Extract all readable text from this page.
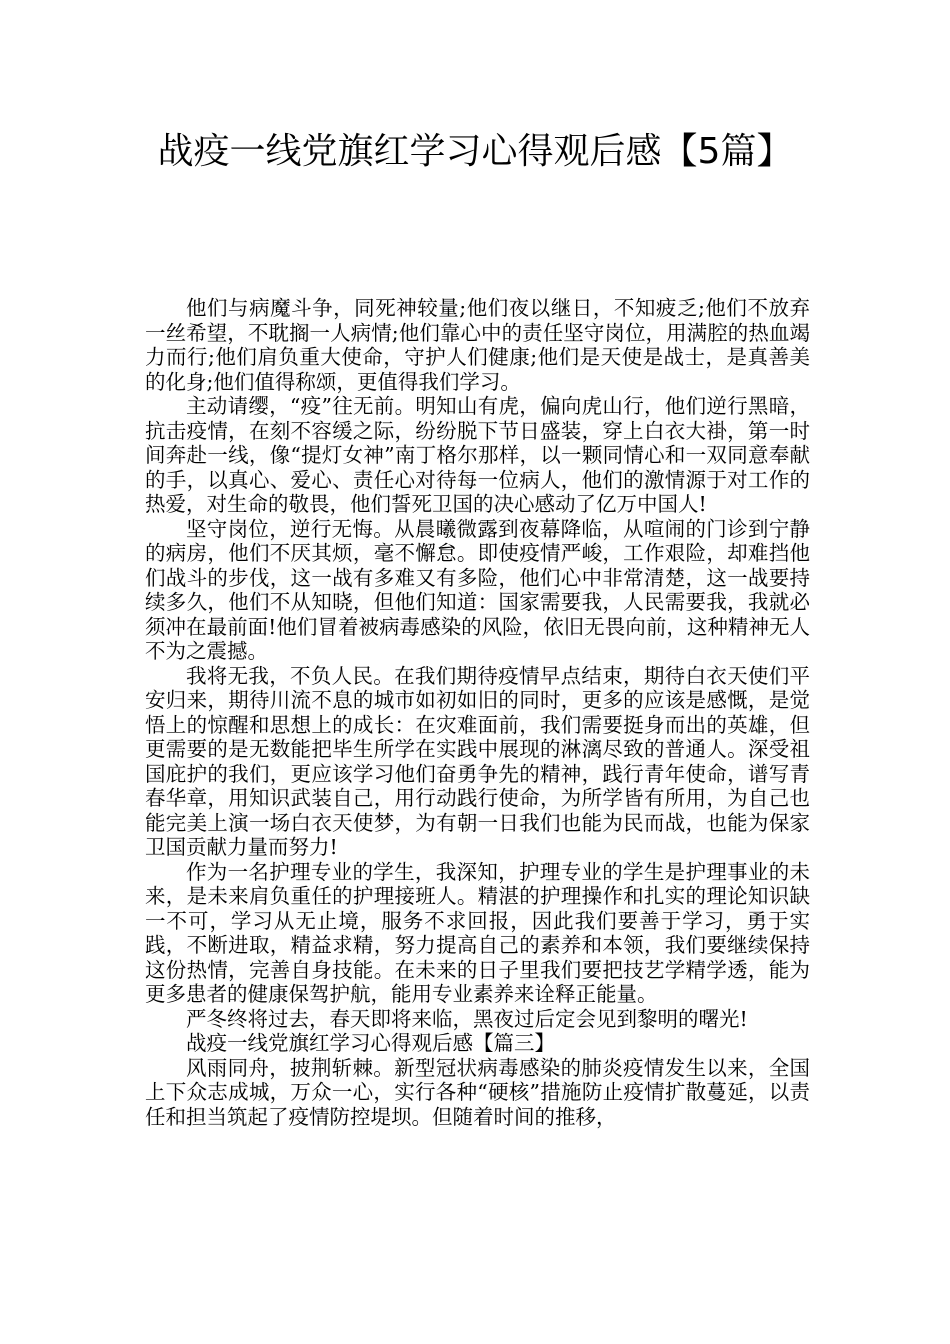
战疫一线党旗红学习心得观后感【5篇】

他们与病魔斗争，同死神较量;他们夜以继日，不知疲乏;他们不放弃一丝希望，不耽搁一人病情;他们靠心中的责任坚守岗位，用满腔的热血竭力而行;他们肩负重大使命，守护人们健康;他们是天使是战士，是真善美的化身;他们值得称颂，更值得我们学习。

主动请缨，“疫”往无前。明知山有虎，偏向虎山行，他们逆行黑暗，抗击疫情，在刻不容缓之际，纷纷脱下节日盛装，穿上白衣大褂，第一时间奔赴一线，像“提灯女神”南丁格尔那样，以一颗同情心和一双同意奉献的手，以真心、爱心、责任心对待每一位病人，他们的激情源于对工作的热爱，对生命的敬畏，他们誓死卫国的决心感动了亿万中国人!

坚守岗位，逆行无悔。从晨曦微露到夜幕降临，从喧闹的门诊到宁静的病房，他们不厌其烦，毫不懈怠。即使疫情严峻，工作艰险，却难挡他们战斗的步伐，这一战有多难又有多险，他们心中非常清楚，这一战要持续多久，他们不从知晓，但他们知道：国家需要我，人民需要我，我就必须冲在最前面!他们冒着被病毒感染的风险，依旧无畏向前，这种精神无人不为之震撼。

我将无我，不负人民。在我们期待疫情早点结束，期待白衣天使们平安归来，期待川流不息的城市如初如旧的同时，更多的应该是感慨，是觉悟上的惊醒和思想上的成长：在灾难面前，我们需要挺身而出的英雄，但更需要的是无数能把毕生所学在实践中展现的淋漓尽致的普通人。深受祖国庇护的我们，更应该学习他们奋勇争先的精神，践行青年使命，谱写青春华章，用知识武装自己，用行动践行使命，为所学皆有所用，为自己也能完美上演一场白衣天使梦，为有朝一日我们也能为民而战，也能为保家卫国贡献力量而努力!

作为一名护理专业的学生，我深知，护理专业的学生是护理事业的未来，是未来肩负重任的护理接班人。精湛的护理操作和扎实的理论知识缺一不可，学习从无止境，服务不求回报，因此我们要善于学习，勇于实践，不断进取，精益求精，努力提高自己的素养和本领，我们要继续保持这份热情，完善自身技能。在未来的日子里我们要把技艺学精学透，能为更多患者的健康保驾护航，能用专业素养来诠释正能量。

严冬终将过去，春天即将来临，黑夜过后定会见到黎明的曙光!

战疫一线党旗红学习心得观后感【篇三】

风雨同舟，披荆斩棘。新型冠状病毒感染的肺炎疫情发生以来，全国上下众志成城，万众一心，实行各种“硬核”措施防止疫情扩散蔓延，以责任和担当筑起了疫情防控堤坝。但随着时间的推移，
